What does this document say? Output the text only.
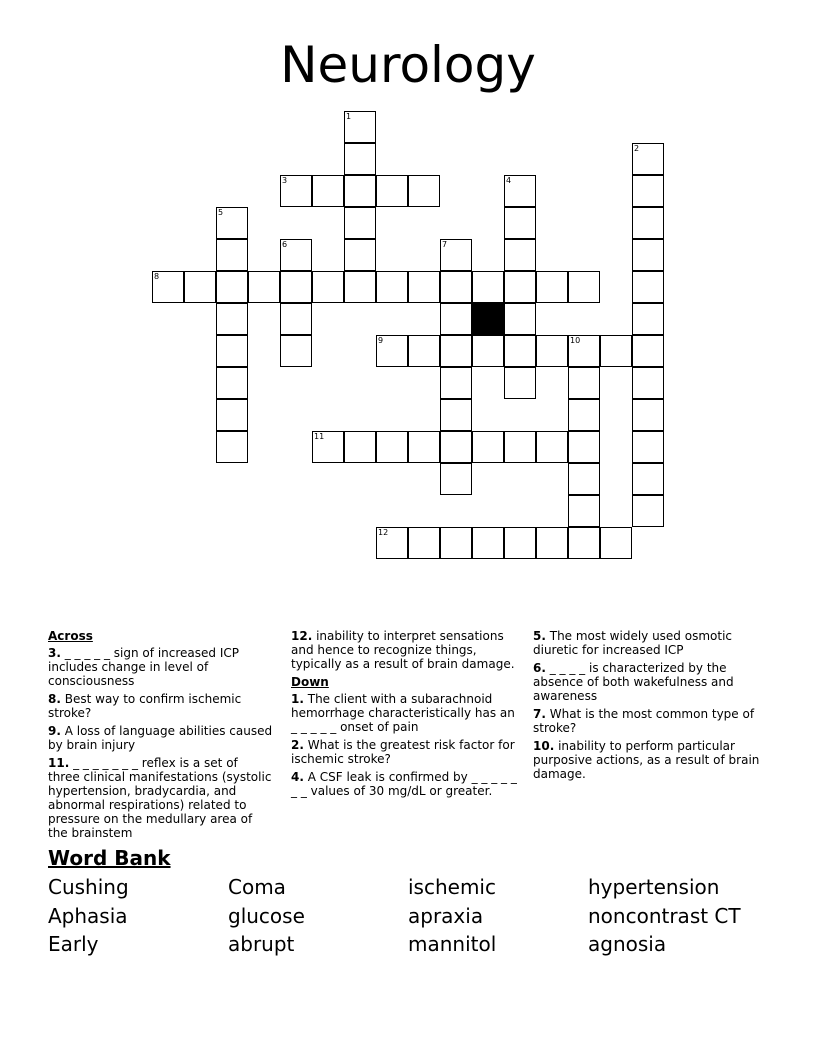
Neurology
3
8
9	10
11
12
1
2
4
5
6	7
Across
3. _ _ _ _ _ sign of increased ICP includes change in level of consciousness
8. Best way to confirm ischemic stroke?
9. A loss of language abilities caused by brain injury
11. _ _ _ _ _ _ _ reflex is a set of three clinical manifestations (systolic hypertension, bradycardia, and abnormal respirations) related to pressure on the medullary area of the brainstem
12. inability to interpret sensations and hence to recognize things, typically as a result of brain damage.
Down
1. The client with a subarachnoid hemorrhage characteristically has an _ _ _ _ _ onset of pain
2. What is the greatest risk factor for ischemic stroke?
4. A CSF leak is confirmed by _ _ _ _ _ _ _ values of 30 mg/dL or greater.
5. The most widely used osmotic diuretic for increased ICP
6. _ _ _ _ is characterized by the absence of both wakefulness and awareness
7. What is the most common type of stroke?
10. inability to perform particular purposive actions, as a result of brain damage.
Word Bank
Cushing	Coma	ischemic	hypertension
Aphasia	glucose	apraxia	noncontrast CT
Early	abrupt	mannitol	agnosia
